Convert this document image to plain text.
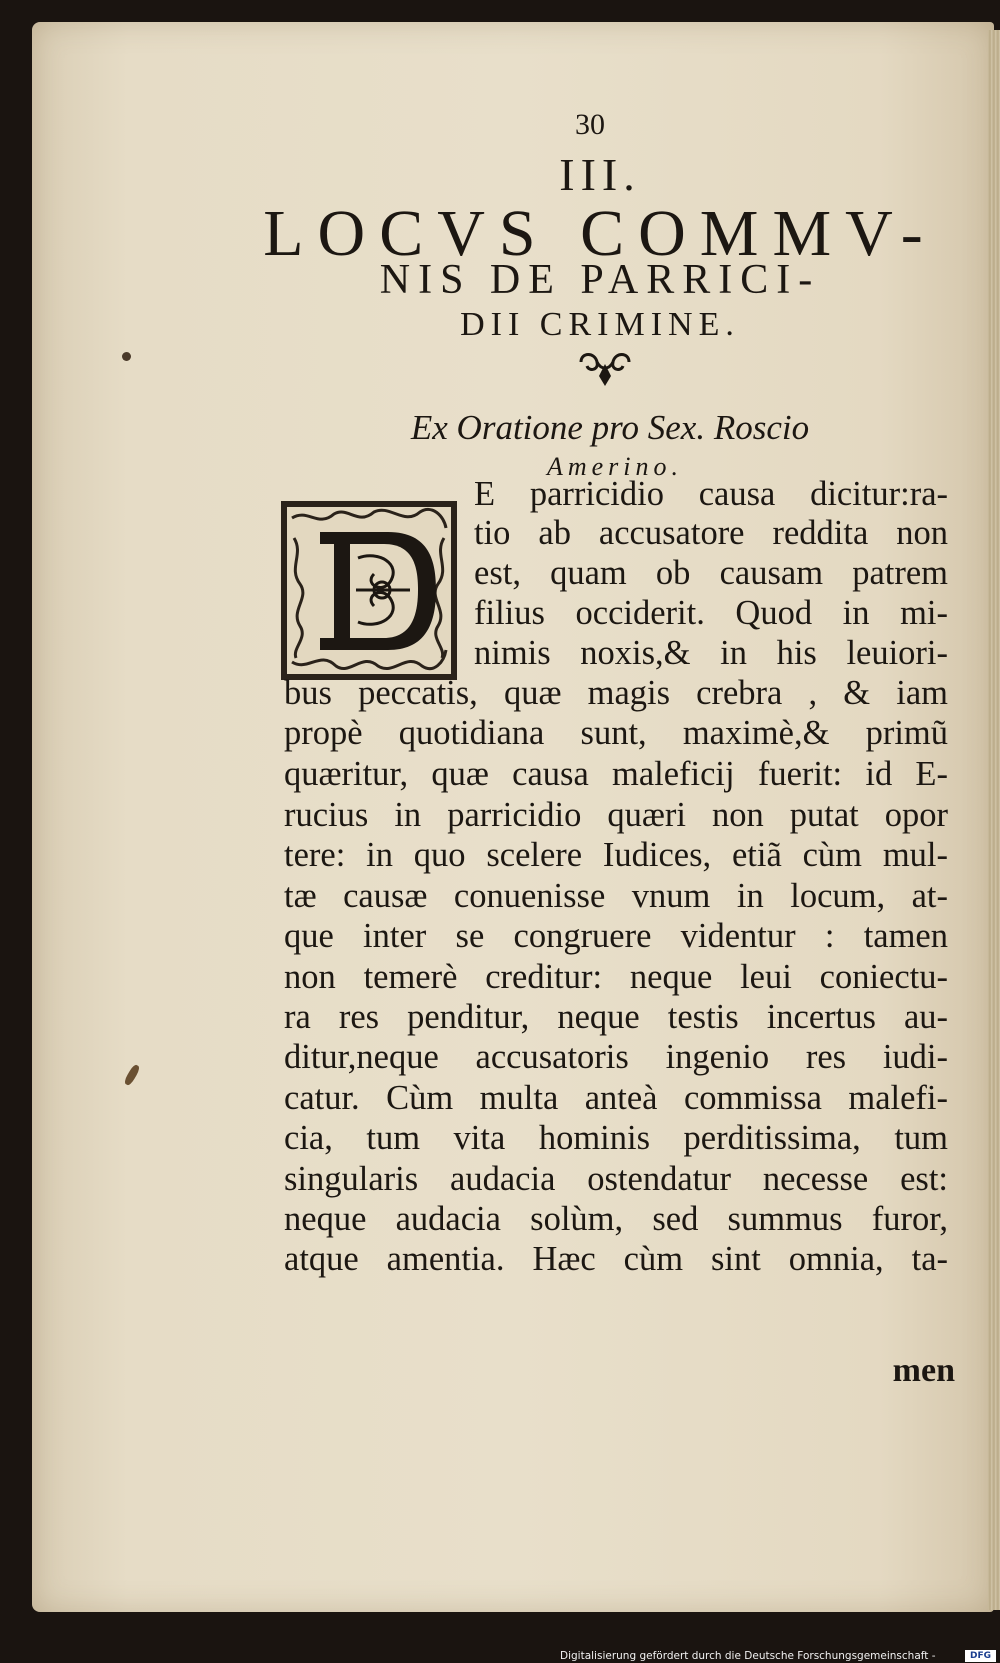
30
III.
LOCVS COMMV-
NIS DE PARRICI-
DII CRIMINE.
Ex Oratione pro Sex. Roscio
Amerino.
E parricidio causa dicitur:ra-
tio ab accusatore reddita non
est, quam ob causam patrem
filius occiderit. Quod in mi-
nimis noxis,& in his leuiori-
bus peccatis, quæ magis crebra , & iam
propè quotidiana sunt, maximè,& primũ
quæritur, quæ causa maleficij fuerit: id E-
rucius in parricidio quæri non putat opor
tere: in quo scelere Iudices, etiã cùm mul-
tæ causæ conuenisse vnum in locum, at-
que inter se congruere videntur : tamen
non temerè creditur: neque leui coniectu-
ra res penditur, neque testis incertus au-
ditur,neque accusatoris ingenio res iudi-
catur. Cùm multa anteà commissa malefi-
cia, tum vita hominis perditissima, tum
singularis audacia ostendatur necesse est:
neque audacia solùm, sed summus furor,
atque amentia. Hæc cùm sint omnia, ta-
men
Digitalisierung gefördert durch die Deutsche Forschungsgemeinschaft -	DFG
